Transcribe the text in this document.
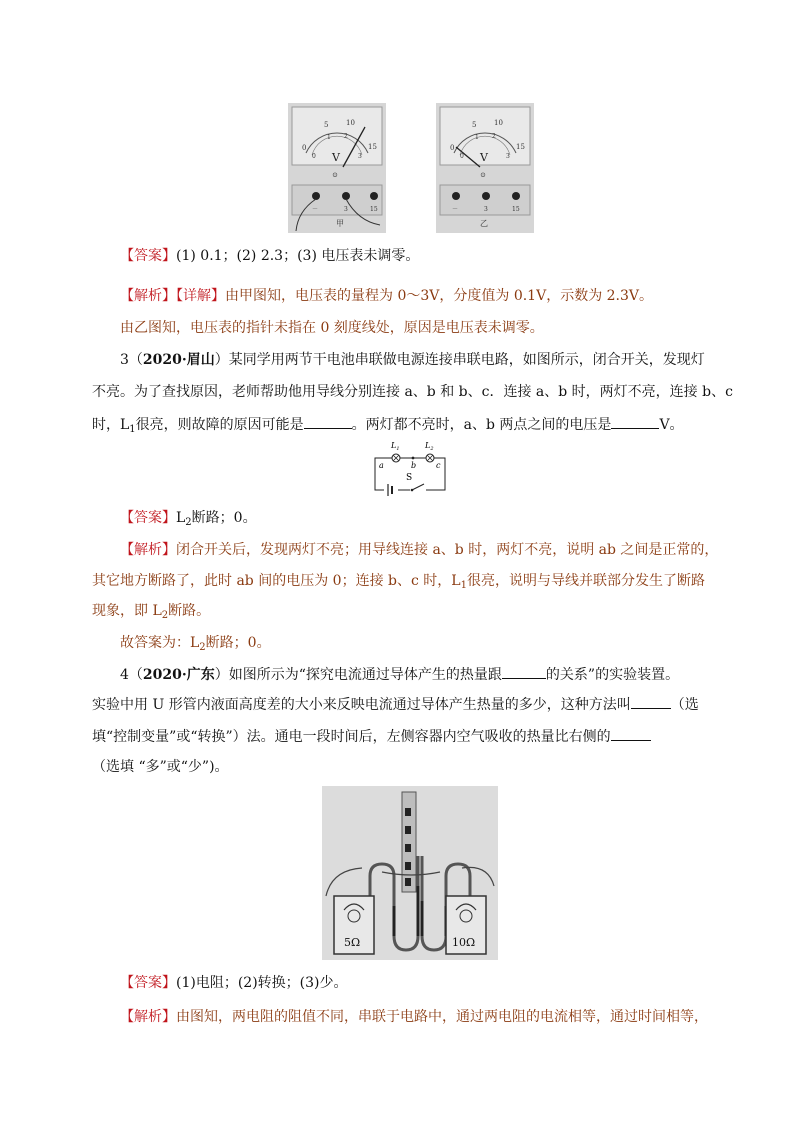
0
5	10
15
0
1 2
3
V
⊙
－	3	15
甲
0
5	10
15
0
1 2
3
V
⊙
－	3	15
乙
【答案】(1) 0.1；(2) 2.3；(3) 电压表未调零。
【解析】【详解】由甲图知，电压表的量程为 0～3V，分度值为 0.1V，示数为 2.3V。
由乙图知，电压表的指针未指在 0 刻度线处，原因是电压表未调零。
3（2020·眉山）某同学用两节干电池串联做电源连接串联电路，如图所示，闭合开关，发现灯
不亮。为了查找原因，老师帮助他用导线分别连接 a、b 和 b、c．连接 a、b 时，两灯不亮，连接 b、c
时，$L_1$很亮，则故障的原因可能是	。两灯都不亮时，a、b 两点之间的电压是	V。
$L_1$	$L_2$
a	b c
S
【答案】$L_2$断路；0。
【解析】闭合开关后，发现两灯不亮；用导线连接 a、b 时，两灯不亮，说明 ab 之间是正常的，
其它地方断路了，此时 ab 间的电压为 0；连接 b、c 时，$L_1$很亮，说明与导线并联部分发生了断路
现象，即 $L_2$断路。
故答案为：$L_2$断路；0。
4（2020·广东）如图所示为“探究电流通过导体产生的热量跟	的关系”的实验装置。
实验中用 U 形管内液面高度差的大小来反映电流通过导体产生热量的多少，这种方法叫	（选
填“控制变量”或“转换”）法。通电一段时间后，左侧容器内空气吸收的热量比右侧的
（选填 “多”或“少”)。
5Ω	10Ω
【答案】(1)电阻；(2)转换；(3)少。
【解析】由图知，两电阻的阻值不同，串联于电路中，通过两电阻的电流相等，通过时间相等，
